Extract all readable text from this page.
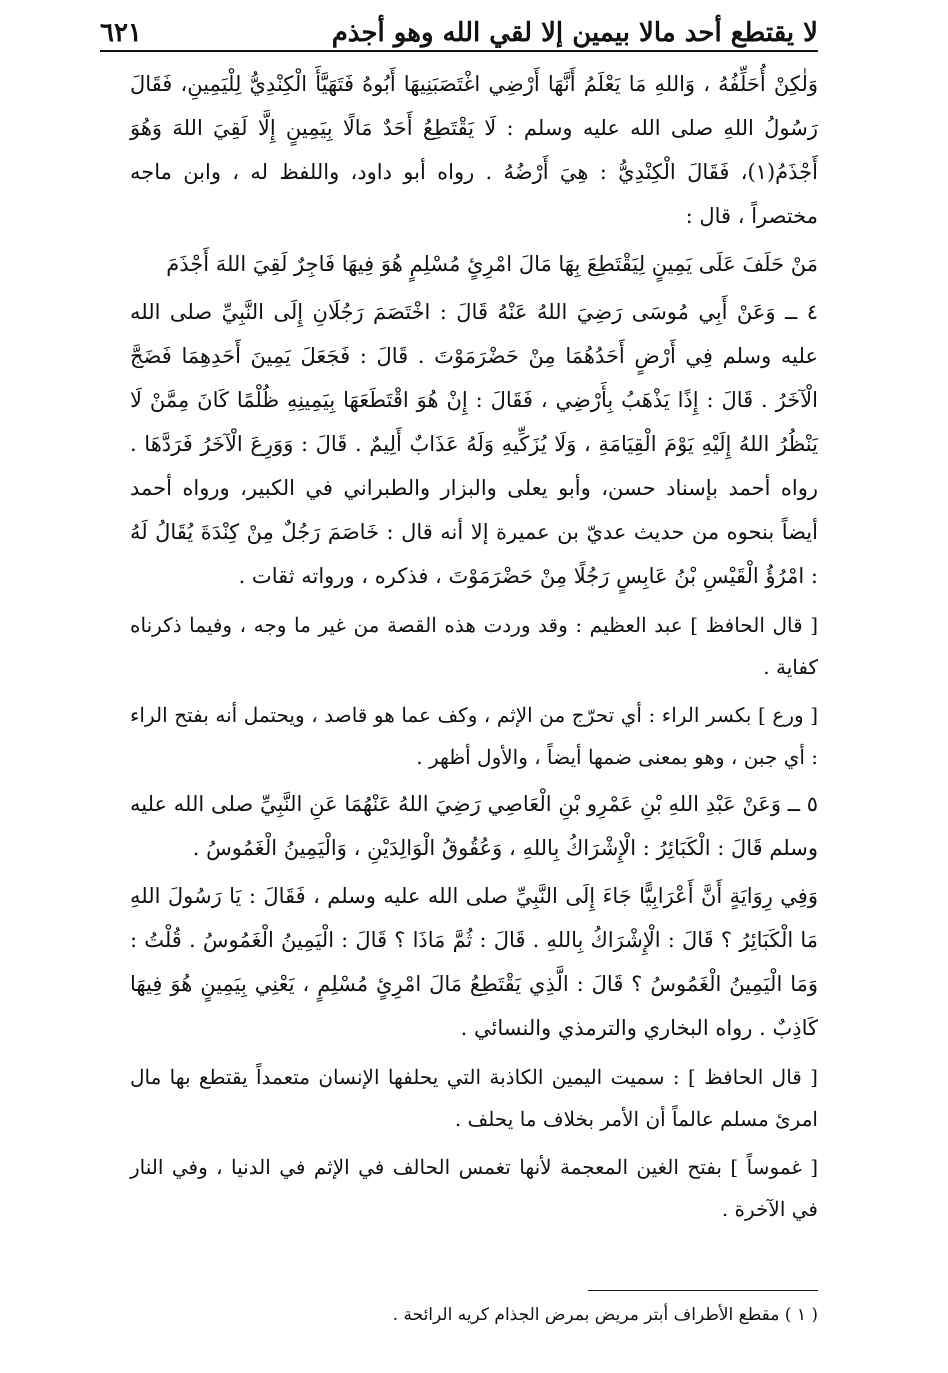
لا يقتطع أحد مالا بيمين إلا لقي الله وهو أجذم
٦٢١

وَلٰكِنْ أُحَلِّفُهُ ، وَاللهِ مَا يَعْلَمُ أَنَّهَا أَرْضِي اغْتَصَبَنِيهَا أَبُوهُ فَتَهَيَّأَ الْكِنْدِيُّ لِلْيَمِينِ، فَقَالَ رَسُولُ اللهِ صلى الله عليه وسلم : لَا يَقْتَطِعُ أَحَدٌ مَالًا بِيَمِينٍ إِلَّا لَقِيَ اللهَ وَهُوَ أَجْذَمُ(١)، فَقَالَ الْكِنْدِيُّ : هِيَ أَرْضُهُ . رواه أبو داود، واللفظ له ، وابن ماجه مختصراً ، قال :

مَنْ حَلَفَ عَلَى يَمِينٍ لِيَقْتَطِعَ بِهَا مَالَ امْرِئٍ مُسْلِمٍ هُوَ فِيهَا فَاجِرٌ لَقِيَ اللهَ أَجْذَمَ

٤ ــ وَعَنْ أَبِي مُوسَى رَضِيَ اللهُ عَنْهُ قَالَ : اخْتَصَمَ رَجُلَانِ إِلَى النَّبِيِّ صلى الله عليه وسلم فِي أَرْضٍ أَحَدُهُمَا مِنْ حَضْرَمَوْتَ . قَالَ : فَجَعَلَ يَمِينَ أَحَدِهِمَا فَضَجَّ الْآخَرُ . قَالَ : إِذًا يَذْهَبُ بِأَرْضِي ، فَقَالَ : إِنْ هُوَ اقْتَطَعَهَا بِيَمِينِهِ ظُلْمًا كَانَ مِمَّنْ لَا يَنْظُرُ اللهُ إِلَيْهِ يَوْمَ الْقِيَامَةِ ، وَلَا يُزَكِّيهِ وَلَهُ عَذَابٌ أَلِيمٌ . قَالَ : وَوَرِعَ الْآخَرُ فَرَدَّهَا . رواه أحمد بإسناد حسن، وأبو يعلى والبزار والطبراني في الكبير، ورواه أحمد أيضاً بنحوه من حديث عديّ بن عميرة إلا أنه قال : خَاصَمَ رَجُلٌ مِنْ كِنْدَةَ يُقَالُ لَهُ : امْرُؤُ الْقَيْسِ بْنُ عَابِسٍ رَجُلًا مِنْ حَضْرَمَوْتَ ، فذكره ، ورواته ثقات .

[ قال الحافظ ] عبد العظيم : وقد وردت هذه القصة من غير ما وجه ، وفيما ذكرناه كفاية .

[ ورع ] بكسر الراء : أي تحرّج من الإثم ، وكف عما هو قاصد ، ويحتمل أنه بفتح الراء : أي جبن ، وهو بمعنى ضمها أيضاً ، والأول أظهر .

٥ ــ وَعَنْ عَبْدِ اللهِ بْنِ عَمْرِو بْنِ الْعَاصِي رَضِيَ اللهُ عَنْهُمَا عَنِ النَّبِيِّ صلى الله عليه وسلم قَالَ : الْكَبَائِرُ : الْإِشْرَاكُ بِاللهِ ، وَعُقُوقُ الْوَالِدَيْنِ ، وَالْيَمِينُ الْغَمُوسُ .

وَفِي رِوَايَةٍ أَنَّ أَعْرَابِيًّا جَاءَ إِلَى النَّبِيِّ صلى الله عليه وسلم ، فَقَالَ : يَا رَسُولَ اللهِ مَا الْكَبَائِرُ ؟ قَالَ : الْإِشْرَاكُ بِاللهِ . قَالَ : ثُمَّ مَاذَا ؟ قَالَ : الْيَمِينُ الْغَمُوسُ . قُلْتُ : وَمَا الْيَمِينُ الْغَمُوسُ ؟ قَالَ : الَّذِي يَقْتَطِعُ مَالَ امْرِئٍ مُسْلِمٍ ، يَعْنِي بِيَمِينٍ هُوَ فِيهَا كَاذِبٌ . رواه البخاري والترمذي والنسائي .

[ قال الحافظ ] : سميت اليمين الكاذبة التي يحلفها الإنسان متعمداً يقتطع بها مال امرئ مسلم عالماً أن الأمر بخلاف ما يحلف .

[ غموساً ] بفتح الغين المعجمة لأنها تغمس الحالف في الإثم في الدنيا ، وفي النار في الآخرة .

( ١ ) مقطع الأطراف أبتر مريض بمرض الجذام كريه الرائحة .
